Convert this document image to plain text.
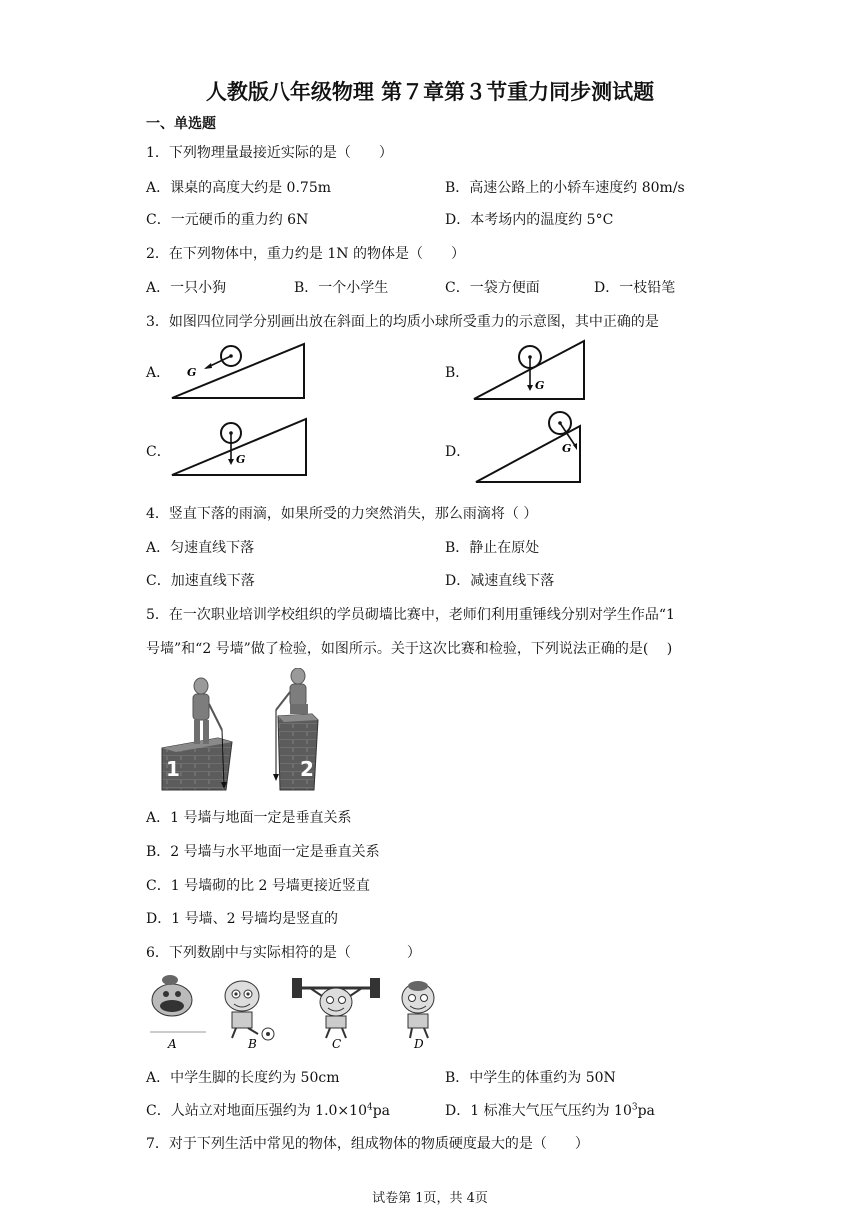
人教版八年级物理 第７章第３节重力同步测试题
一、单选题
1．下列物理量最接近实际的是（　　）
A．课桌的高度大约是 0.75m	B．高速公路上的小轿车速度约 80m/s
C．一元硬币的重力约 6N	D．本考场内的温度约 5°C
2．在下列物体中，重力约是 1N 的物体是（　　）
A．一只小狗	B．一个小学生	C．一袋方便面	D．一枝铅笔
3．如图四位同学分别画出放在斜面上的均质小球所受重力的示意图，其中正确的是
A．	B．
C．	D．
G
G
G
G
4．竖直下落的雨滴，如果所受的力突然消失，那么雨滴将（ ）
A．匀速直线下落	B．静止在原处
C．加速直线下落	D．减速直线下落
5．在一次职业培训学校组织的学员砌墙比赛中，老师们利用重锤线分别对学生作品“1
号墙”和“2 号墙”做了检验，如图所示。关于这次比赛和检验，下列说法正确的是(　 )
1	2
A．1 号墙与地面一定是垂直关系
B．2 号墙与水平地面一定是垂直关系
C．1 号墙砌的比 2 号墙更接近竖直
D．1 号墙、2 号墙均是竖直的
6．下列数剧中与实际相符的是（　　　　）
A	B	C	D
A．中学生脚的长度约为 50cm	B．中学生的体重约为 50N
C．人站立对地面压强约为 $1.0\times 10^4pa$	D．1 标准大气压气压约为 $10^3pa$
7．对于下列生活中常见的物体，组成物体的物质硬度最大的是（　　）
试卷第 1页，共 4页
